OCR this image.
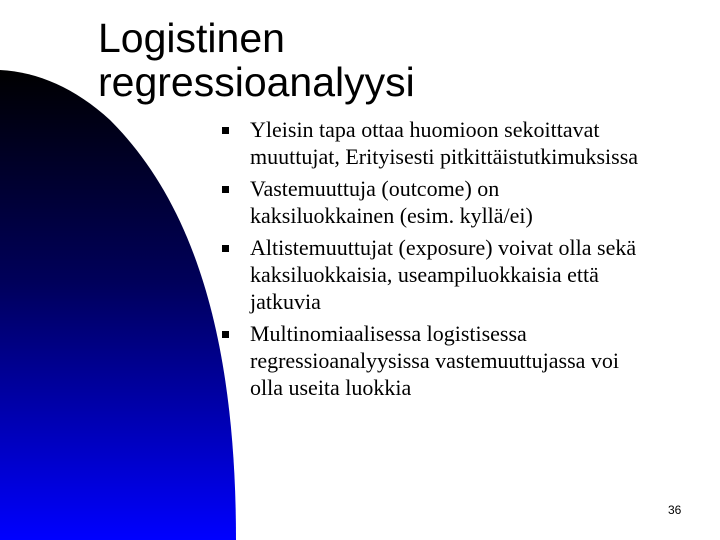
Logistinen
regressioanalyysi
Yleisin tapa ottaa huomioon sekoittavat
muuttujat, Erityisesti pitkittäistutkimuksissa
Vastemuuttuja (outcome) on
kaksiluokkainen (esim. kyllä/ei)
Altistemuuttujat (exposure) voivat olla sekä
kaksiluokkaisia, useampiluokkaisia että
jatkuvia
Multinomiaalisessa logistisessa
regressioanalyysissa vastemuuttujassa voi
olla useita luokkia
36
